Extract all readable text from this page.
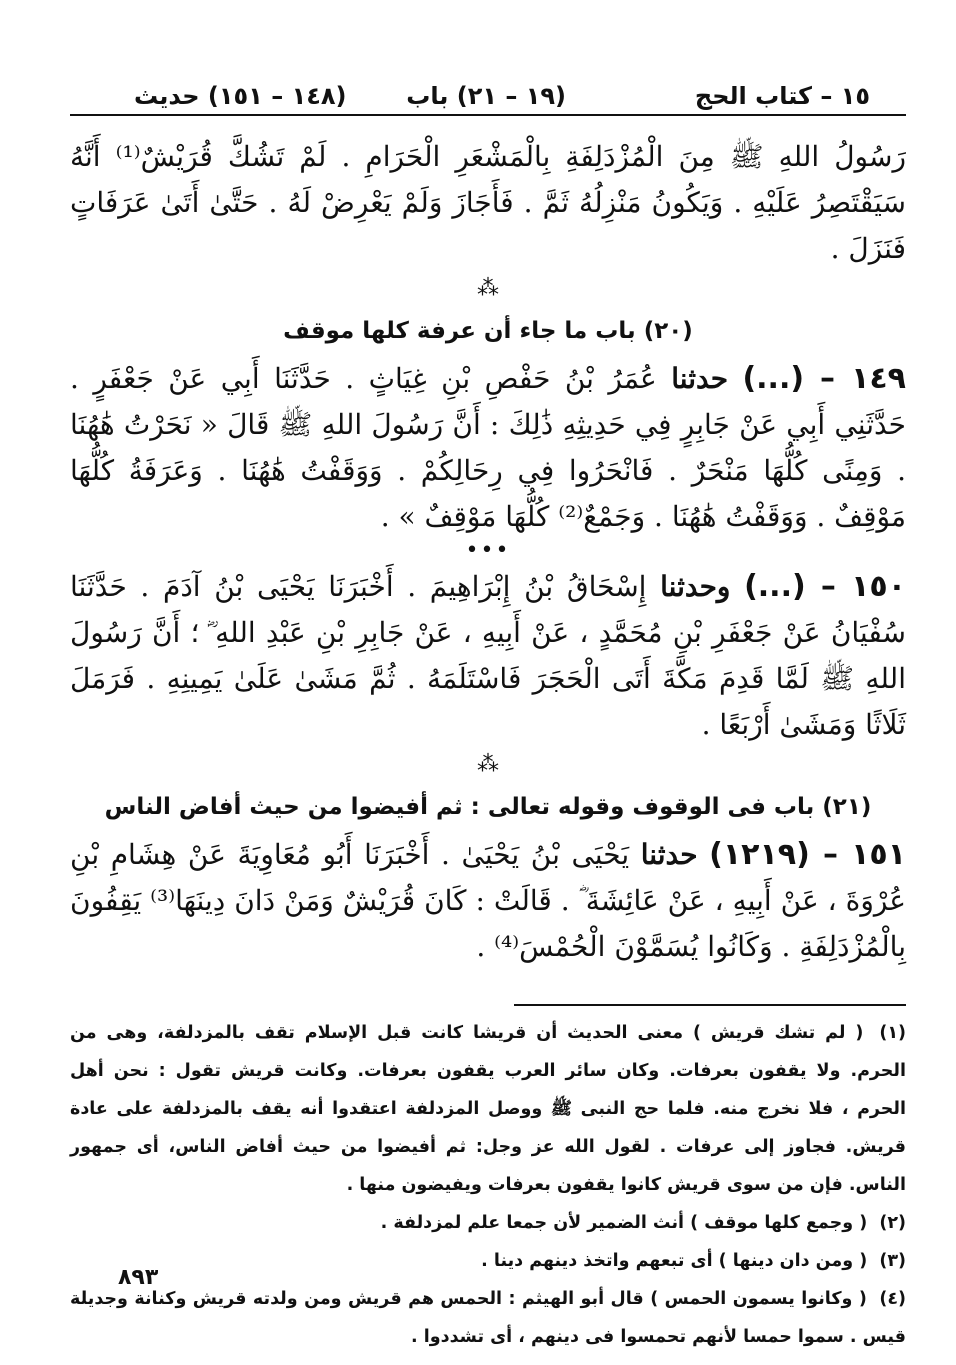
١٥ – كتاب الحج
(١٩ – ٢١) باب
(١٤٨ – ١٥١) حديث

رَسُولُ اللهِ ﷺ مِنَ الْمُزْدَلِفَةِ بِالْمَشْعَرِ الْحَرَامِ . لَمْ تَشُكَّ قُرَيْشٌ⁽¹⁾ أَنَّهُ سَيَقْتَصِرُ عَلَيْهِ . وَيَكُونُ مَنْزِلُهُ ثَمَّ . فَأَجَازَ وَلَمْ يَعْرِضْ لَهُ . حَتَّىٰ أَتَىٰ عَرَفَاتٍ فَنَزَلَ .

⁂
(٢٠) باب ما جاء أن عرفة كلها موقف

١٤٩ – (...) حدثنا عُمَرُ بْنُ حَفْصِ بْنِ غِيَاثٍ . حَدَّثَنَا أَبِي عَنْ جَعْفَرٍ . حَدَّثَنِي أَبِي عَنْ جَابِرٍ فِي حَدِيثِهِ ذَٰلِكَ : أَنَّ رَسُولَ اللهِ ﷺ قَالَ « نَحَرْتُ هَٰهُنَا . وَمِنًى كُلُّهَا مَنْحَرٌ . فَانْحَرُوا فِي رِحَالِكُمْ . وَوَقَفْتُ هَٰهُنَا . وَعَرَفَةُ كُلُّهَا مَوْقِفٌ . وَوَقَفْتُ هَٰهُنَا . وَجَمْعٌ⁽²⁾ كُلُّهَا مَوْقِفٌ » .

•••

١٥٠ – (...) وحدثنا إِسْحَاقُ بْنُ إِبْرَاهِيمَ . أَخْبَرَنَا يَحْيَى بْنُ آدَمَ . حَدَّثَنَا سُفْيَانُ عَنْ جَعْفَرِ بْنِ مُحَمَّدٍ ، عَنْ أَبِيهِ ، عَنْ جَابِرِ بْنِ عَبْدِ اللهِ ؓ ؛ أَنَّ رَسُولَ اللهِ ﷺ لَمَّا قَدِمَ مَكَّةَ أَتَى الْحَجَرَ فَاسْتَلَمَهُ . ثُمَّ مَشَىٰ عَلَىٰ يَمِينِهِ . فَرَمَلَ ثَلَاثًا وَمَشَىٰ أَرْبَعًا .

⁂
(٢١) باب فى الوقوف وقوله تعالى : ثم أفيضوا من حيث أفاض الناس

١٥١ – (١٢١٩) حدثنا يَحْيَى بْنُ يَحْيَىٰ . أَخْبَرَنَا أَبُو مُعَاوِيَةَ عَنْ هِشَامِ بْنِ عُرْوَةَ ، عَنْ أَبِيهِ ، عَنْ عَائِشَةَ ؓ . قَالَتْ : كَانَ قُرَيْشٌ وَمَنْ دَانَ دِينَهَا⁽³⁾ يَقِفُونَ بِالْمُزْدَلِفَةِ . وَكَانُوا يُسَمَّوْنَ الْحُمْسَ⁽⁴⁾ .

(١) ( لم تشك قريش ) معنى الحديث أن قريشا كانت قبل الإسلام تقف بالمزدلفة، وهى من الحرم. ولا يقفون بعرفات. وكان سائر العرب يقفون بعرفات. وكانت قريش تقول : نحن أهل الحرم ، فلا نخرج منه. فلما حج النبى ﷺ ووصل المزدلفة اعتقدوا أنه يقف بالمزدلفة على عادة قريش. فجاوز إلى عرفات . لقول الله عز وجل: ثم أفيضوا من حيث أفاض الناس، أى جمهور الناس. فإن من سوى قريش كانوا يقفون بعرفات ويفيضون منها .

(٢) ( وجمع كلها موقف ) أنث الضمير لأن جمعا علم لمزدلفة .

(٣) ( ومن دان دينها ) أى تبعهم واتخذ دينهم دينا .

(٤) ( وكانوا يسمون الحمس ) قال أبو الهيثم : الحمس هم قريش ومن ولدته قريش وكنانة وجديلة قيس . سموا حمسا لأنهم تحمسوا فى دينهم ، أى تشددوا .

٨٩٣
